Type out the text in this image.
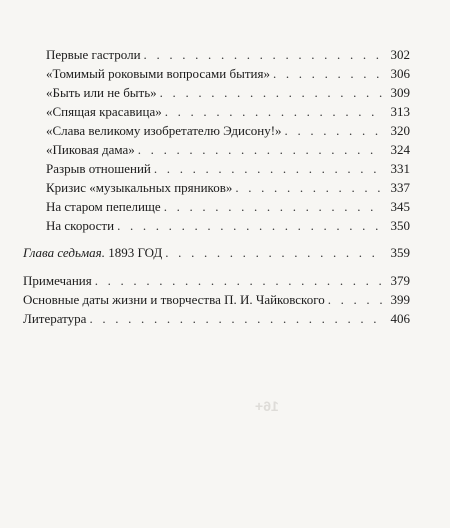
16+
Первые гастроли . . .	302
«Томимый роковыми вопросами бытия» . . .	306
«Быть или не быть» . . .	309
«Спящая красавица» . . .	313
«Слава великому изобретателю Эдисону!» . . .	320
«Пиковая дама» . . .	324
Разрыв отношений . . .	331
Кризис «музыкальных пряников» . . .	337
На старом пепелище . . .	345
На скорости . . .	350
Глава седьмая. 1893 ГОД . . .	359
Примечания . . .	379
Основные даты жизни и творчества П. И. Чайковского . . .	399
Литература . . .	406
